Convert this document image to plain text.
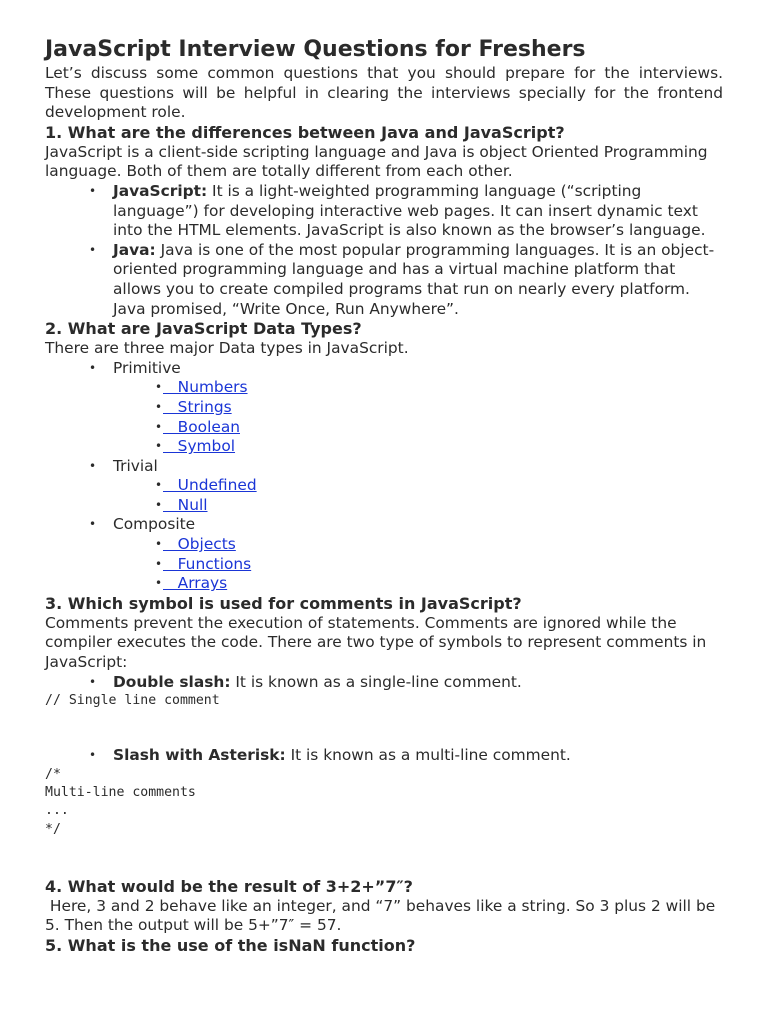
JavaScript Interview Questions for Freshers

Let’s discuss some common questions that you should prepare for the interviews. These questions will be helpful in clearing the interviews specially for the frontend development role.

1. What are the differences between Java and JavaScript?

JavaScript is a client-side scripting language and Java is object Oriented Programming language. Both of them are totally different from each other.

• JavaScript: It is a light-weighted programming language (“scripting language”) for developing interactive web pages. It can insert dynamic text into the HTML elements. JavaScript is also known as the browser’s language.
• Java: Java is one of the most popular programming languages. It is an object-oriented programming language and has a virtual machine platform that allows you to create compiled programs that run on nearly every platform. Java promised, “Write Once, Run Anywhere”.
2. What are JavaScript Data Types?

There are three major Data types in JavaScript.

• Primitive
•    Numbers
•    Strings
•    Boolean
•    Symbol
• Trivial
•    Undefined
•    Null
• Composite
•    Objects
•    Functions
•    Arrays
3. Which symbol is used for comments in JavaScript?

Comments prevent the execution of statements. Comments are ignored while the compiler executes the code. There are two type of symbols to represent comments in JavaScript:

• Double slash: It is known as a single-line comment.
// Single line comment
• Slash with Asterisk: It is known as a multi-line comment.
/*
Multi-line comments
...
*/
4. What would be the result of 3+2+”7″?

Here, 3 and 2 behave like an integer, and “7” behaves like a string. So 3 plus 2 will be 5. Then the output will be 5+”7″ = 57.

5. What is the use of the isNaN function?
